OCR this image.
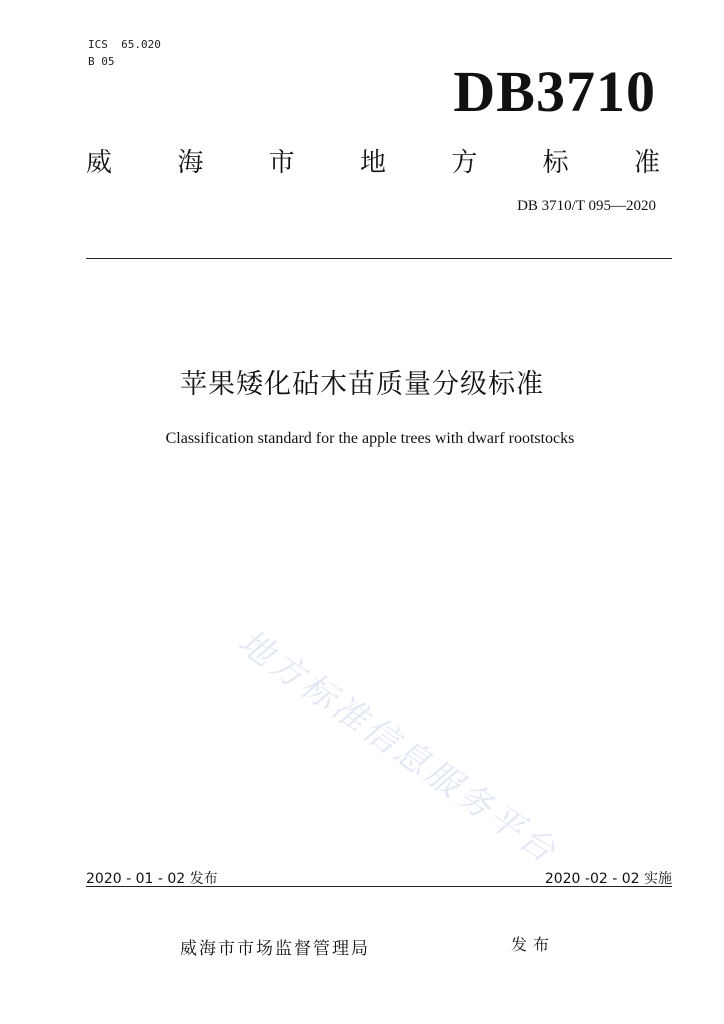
ICS  65.020
B 05	DB3710
威	海	市	地	方	标	准
DB 3710/T 095—2020
苹果矮化砧木苗质量分级标准
Classification standard for the apple trees with dwarf rootstocks
地方标准信息服务平台
2020 - 01 - 02 发布	2020 -02 - 02 实施
威海市市场监督管理局	发布
